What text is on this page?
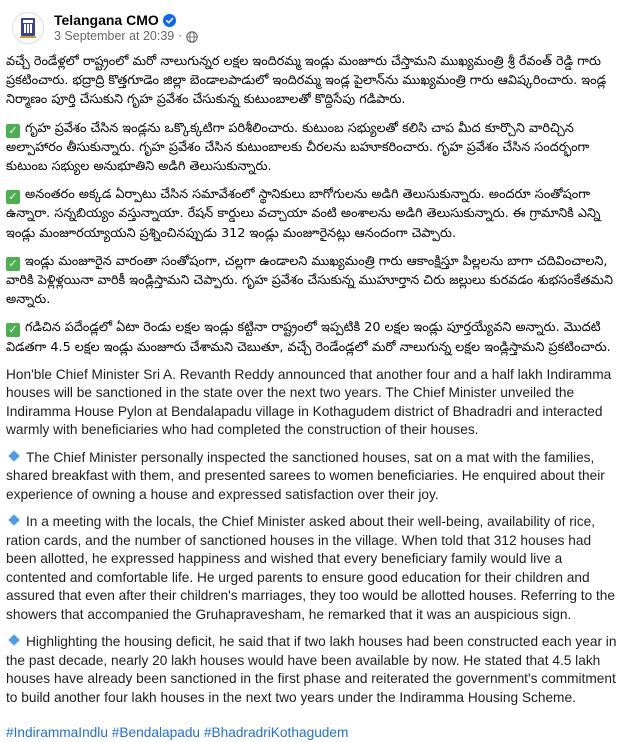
Telangana CMO
3 September at 20:39 ·

వచ్చే రెండేళ్లలో రాష్ట్రంలో మరో నాలుగున్నర లక్షల ఇందిరమ్మ ఇండ్లు మంజూరు చేస్తామని ముఖ్యమంత్రి శ్రీ రేవంత్ రెడ్డి గారు ప్రకటించారు. భద్రాద్రి కొత్తగూడెం జిల్లా బెండాలపాడులో ఇందిరమ్మ ఇండ్ల పైలాన్‌ను ముఖ్యమంత్రి గారు ఆవిష్కరించారు. ఇండ్ల నిర్మాణం పూర్తి చేసుకుని గృహ ప్రవేశం చేసుకున్న కుటుంబాలతో కొద్దిసేపు గడిపారు.

✓ గృహ ప్రవేశం చేసిన ఇండ్లను ఒక్కొక్కటిగా పరిశీలించారు. కుటుంబ సభ్యులతో కలిసి చాప మీద కూర్చొని వారిచ్చిన అల్పాహారం తీసుకున్నారు. గృహ ప్రవేశం చేసిన కుటుంబాలకు చీరలను బహూకరించారు. గృహ ప్రవేశం చేసిన సందర్భంగా కుటుంబ సభ్యుల అనుభూతిని అడిగి తెలుసుకున్నారు.

✓ అనంతరం అక్కడ ఏర్పాటు చేసిన సమావేశంలో స్థానికులు బాగోగులను అడిగి తెలుసుకున్నారు. అందరూ సంతోషంగా ఉన్నారా. సన్నబియ్యం వస్తున్నాయా. రేషన్ కార్డులు వచ్చాయా వంటి అంశాలను అడిగి తెలుసుకున్నారు. ఈ గ్రామానికి ఎన్ని ఇండ్లు మంజూరయ్యాయని ప్రశ్నించినప్పుడు 312 ఇండ్లు మంజూరైనట్లు ఆనందంగా చెప్పారు.

✓ ఇండ్లు మంజూరైన వారంతా సంతోషంగా, చల్లగా ఉండాలని ముఖ్యమంత్రి గారు ఆకాంక్షిస్తూ పిల్లలను బాగా చదివించాలని, వారికి పెళ్లిళ్లయినా వారికీ ఇండ్లిస్తామని చెప్పారు. గృహ ప్రవేశం చేసుకున్న ముహూర్తాన చిరు జల్లులు కురవడం శుభసంకేతమని అన్నారు.

✓ గడిచిన పదేండ్లలో ఏటా రెండు లక్షల ఇండ్లు కట్టినా రాష్ట్రంలో ఇప్పటికి 20 లక్షల ఇండ్లు పూర్తయ్యేవని అన్నారు. మొదటి విడతగా 4.5 లక్షల ఇండ్లు మంజూరు చేశామని చెబుతూ, వచ్చే రెండేండ్లలో మరో నాలుగున్న లక్షల ఇండ్లిస్తామని ప్రకటించారు.

Hon'ble Chief Minister Sri A. Revanth Reddy announced that another four and a half lakh Indiramma houses will be sanctioned in the state over the next two years. The Chief Minister unveiled the Indiramma House Pylon at Bendalapadu village in Kothagudem district of Bhadradri and interacted warmly with beneficiaries who had completed the construction of their houses.

The Chief Minister personally inspected the sanctioned houses, sat on a mat with the families, shared breakfast with them, and presented sarees to women beneficiaries. He enquired about their experience of owning a house and expressed satisfaction over their joy.

In a meeting with the locals, the Chief Minister asked about their well-being, availability of rice, ration cards, and the number of sanctioned houses in the village. When told that 312 houses had been allotted, he expressed happiness and wished that every beneficiary family would live a contented and comfortable life. He urged parents to ensure good education for their children and assured that even after their children's marriages, they too would be allotted houses. Referring to the showers that accompanied the Gruhapravesham, he remarked that it was an auspicious sign.

Highlighting the housing deficit, he said that if two lakh houses had been constructed each year in the past decade, nearly 20 lakh houses would have been available by now. He stated that 4.5 lakh houses have already been sanctioned in the first phase and reiterated the government's commitment to build another four lakh houses in the next two years under the Indiramma Housing Scheme.

#IndirammaIndlu #Bendalapadu #BhadradriKothagudem
